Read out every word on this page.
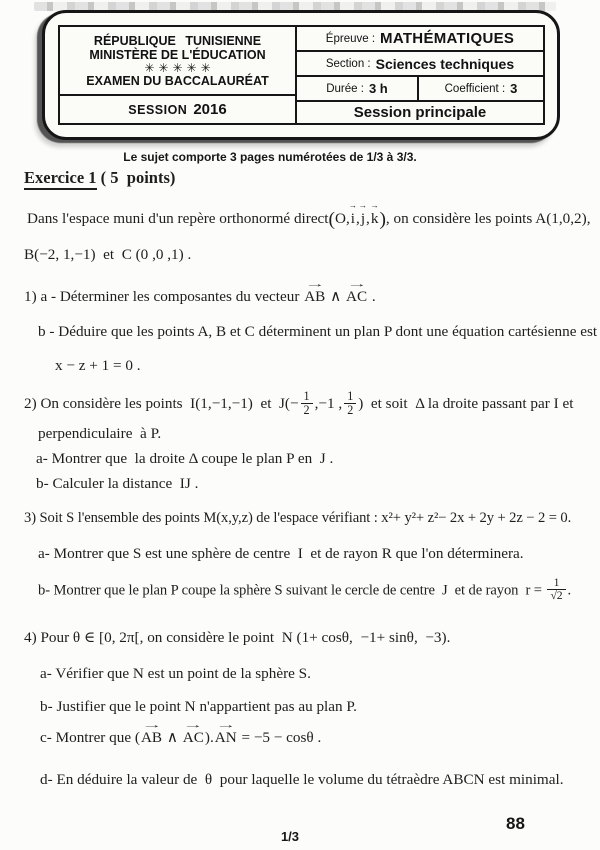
RÉPUBLIQUE TUNISIENNE
MINISTÈRE DE L'ÉDUCATION
✳✳✳✳✳
EXAMEN DU BACCALAURÉAT
SESSION 2016
Épreuve : MATHÉMATIQUES
Section : Sciences techniques
Durée : 3 h	Coefficient : 3
Session principale
Le sujet comporte 3 pages numérotées de 1/3 à 3/3.
Exercice 1 ( 5  points)

Dans l'espace muni d'un repère orthonormé direct(O,i →,j →,k →), on considère les points A(1,0,2),

B(−2, 1,−1)  et  C (0 ,0 ,1) .

1) a - Déterminer les composantes du vecteur AB → ∧ AC → .

b - Déduire que les points A, B et C déterminent un plan P dont une équation cartésienne est

x − z + 1 = 0 .

2) On considère les points  I(1,−1,−1)  et  $J(- \frac{1}{2} ,-1$ , $\frac{1}{2}$ )  et soit  Δ la droite passant par I et

perpendiculaire  à P.

a- Montrer que  la droite Δ coupe le plan P en  J .

b- Calculer la distance  IJ .

3) Soit S l'ensemble des points M(x,y,z) de l'espace vérifiant : x²+ y²+ z²− 2x + 2y + 2z − 2 = 0.

a- Montrer que S est une sphère de centre  I  et de rayon R que l'on déterminera.

b- Montrer que le plan P coupe la sphère S suivant le cercle de centre  J  et de rayon  $r = \frac{1}{√2}$ .

4) Pour θ ∈ [0, 2π[, on considère le point  N (1+ cosθ,  −1+ sinθ,  −3).

a- Vérifier que N est un point de la sphère S.

b- Justifier que le point N n'appartient pas au plan P.

c- Montrer que (AB → ∧ AC →).AN → = −5 − cosθ .

d- En déduire la valeur de  θ  pour laquelle le volume du tétraèdre ABCN est minimal.

88
1/3
